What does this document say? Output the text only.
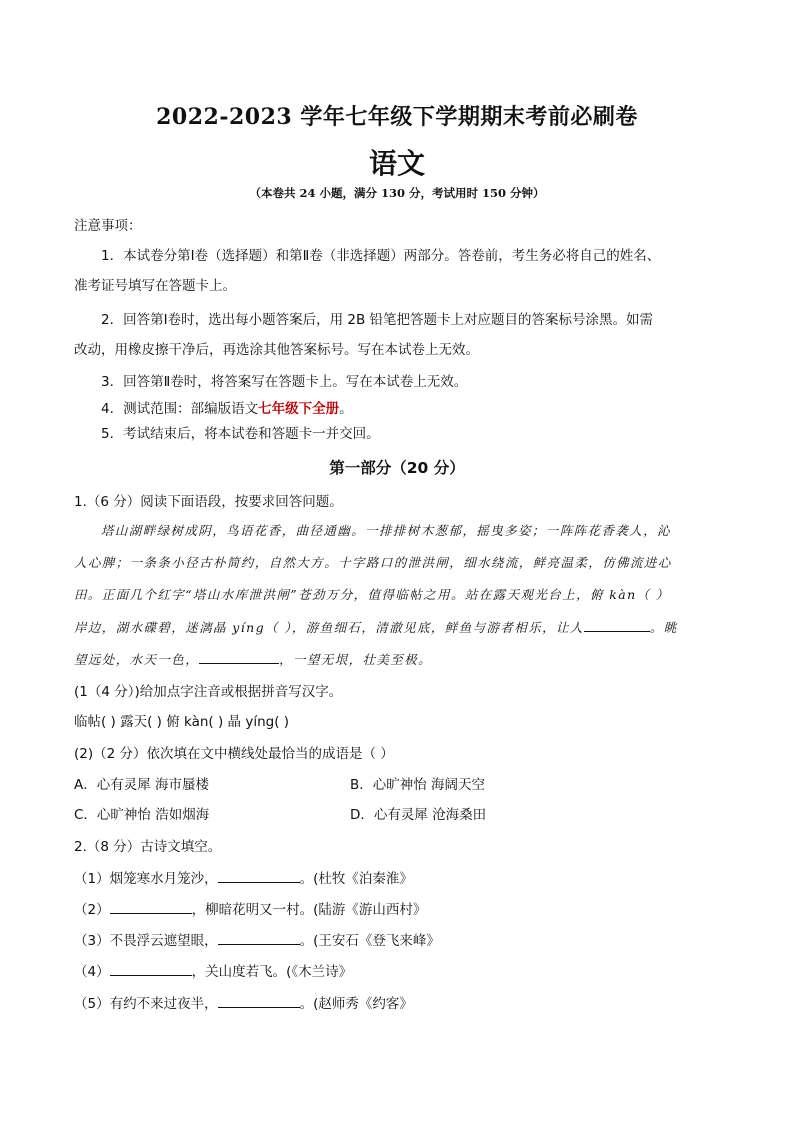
2022-2023 学年七年级下学期期末考前必刷卷
语文
（本卷共 24 小题，满分 130 分，考试用时 150 分钟）
注意事项：
1．本试卷分第Ⅰ卷（选择题）和第Ⅱ卷（非选择题）两部分。答卷前，考生务必将自己的姓名、
准考证号填写在答题卡上。
2．回答第Ⅰ卷时，选出每小题答案后，用 2B 铅笔把答题卡上对应题目的答案标号涂黑。如需
改动，用橡皮擦干净后，再选涂其他答案标号。写在本试卷上无效。
3．回答第Ⅱ卷时，将答案写在答题卡上。写在本试卷上无效。
4．测试范围：部编版语文七年级下全册。
5．考试结束后，将本试卷和答题卡一并交回。
第一部分（20 分）
1.（6 分）阅读下面语段，按要求回答问题。
塔山湖畔绿树成阴，鸟语花香，曲径通幽。一排排树木葱郁，摇曳多姿；一阵阵花香袭人，沁
人心脾；一条条小径古朴简约，自然大方。十字路口的泄洪闸，细水绕流，鲜亮温柔，仿佛流进心
田。正面几个红字“塔山水库泄洪闸”苍劲万分，值得临帖之用。站在露天观光台上，俯 kàn（ ）
岸边，湖水碟碧，迷漓晶 yíng（ ），游鱼细石，清澈见底，鲜鱼与游者相乐，让人	。眺
望远处，水天一色，	，一望无垠，壮美至极。
(1（4 分）)给加点字注音或根据拼音写汉字。
临帖( ) 露天( ) 俯 kàn( ) 晶 yíng( )
(2)（2 分）依次填在文中横线处最恰当的成语是（ ）
A．心有灵犀 海市蜃楼	B．心旷神怡 海阔天空
C．心旷神怡 浩如烟海	D．心有灵犀 沧海桑田
2.（8 分）古诗文填空。
（1）烟笼寒水月笼沙，	。(杜牧《泊秦淮》
（2）	，柳暗花明又一村。(陆游《游山西村》
（3）不畏浮云遮望眼，	。(王安石《登飞来峰》
（4）	，关山度若飞。(《木兰诗》
（5）有约不来过夜半，	。(赵师秀《约客》
